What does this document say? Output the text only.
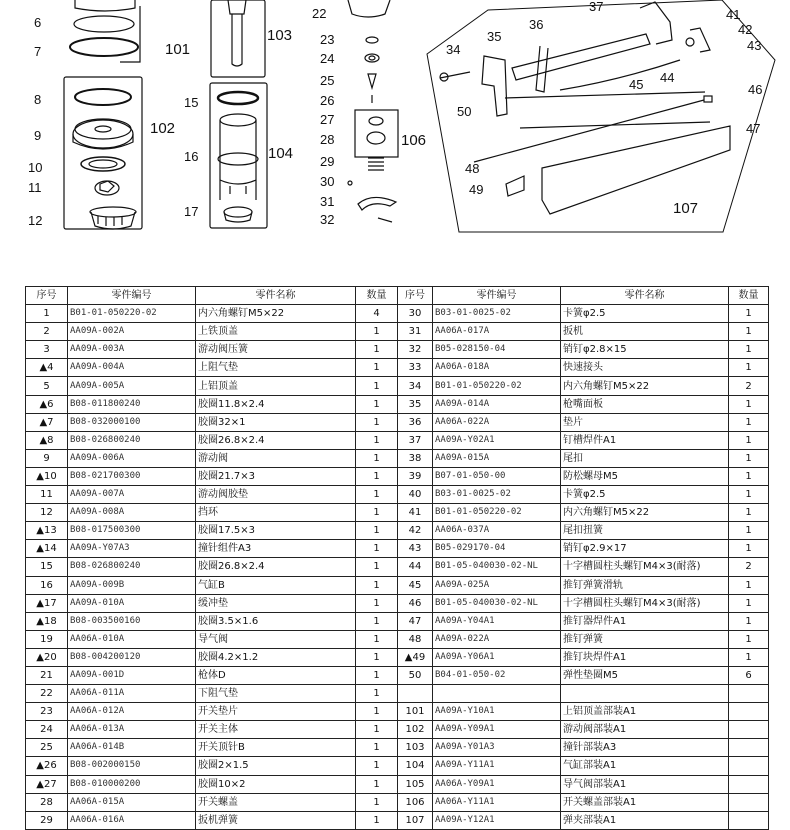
6
7
8
9
10
11
12
101
102
103
15
16
17
104
22
23
24
25
26
27
28
29
30
31
32
106
34
35
36
37
41
42
43
44
45	46
47
48
49
50
107
序号	零件编号	零件名称	数量	序号	零件编号	零件名称	数量
1	B01-01-050220-02	内六角螺钉M5×22	4	30	B03-01-0025-02	卡簧φ2.5	1
2	AA09A-002A	上铁顶盖	1	31	AA06A-017A	扳机	1
3	AA09A-003A	游动阀压簧	1	32	B05-028150-04	销钉φ2.8×15	1
▲4	AA09A-004A	上阻气垫	1	33	AA06A-018A	快速接头	1
5	AA09A-005A	上铝顶盖	1	34	B01-01-050220-02	内六角螺钉M5×22	2
▲6	B08-011800240	胶圈11.8×2.4	1	35	AA09A-014A	枪嘴面板	1
▲7	B08-032000100	胶圈32×1	1	36	AA06A-022A	垫片	1
▲8	B08-026800240	胶圈26.8×2.4	1	37	AA09A-Y02A1	钉槽焊件A1	1
9	AA09A-006A	游动阀	1	38	AA09A-015A	尾扣	1
▲10	B08-021700300	胶圈21.7×3	1	39	B07-01-050-00	防松螺母M5	1
11	AA09A-007A	游动阀胶垫	1	40	B03-01-0025-02	卡簧φ2.5	1
12	AA09A-008A	挡环	1	41	B01-01-050220-02	内六角螺钉M5×22	1
▲13	B08-017500300	胶圈17.5×3	1	42	AA06A-037A	尾扣扭簧	1
▲14	AA09A-Y07A3	撞针组件A3	1	43	B05-029170-04	销钉φ2.9×17	1
15	B08-026800240	胶圈26.8×2.4	1	44	B01-05-040030-02-NL	十字槽圆柱头螺钉M4×3(耐落)	2
16	AA09A-009B	气缸B	1	45	AA09A-025A	推钉弹簧滑轨	1
▲17	AA09A-010A	缓冲垫	1	46	B01-05-040030-02-NL	十字槽圆柱头螺钉M4×3(耐落)	1
▲18	B08-003500160	胶圈3.5×1.6	1	47	AA09A-Y04A1	推钉器焊件A1	1
19	AA06A-010A	导气阀	1	48	AA09A-022A	推钉弹簧	1
▲20	B08-004200120	胶圈4.2×1.2	1	▲49	AA09A-Y06A1	推钉块焊件A1	1
21	AA09A-001D	枪体D	1	50	B04-01-050-02	弹性垫圈M5	6
22	AA06A-011A	下阻气垫	1				
23	AA06A-012A	开关垫片	1	101	AA09A-Y10A1	上铝顶盖部装A1	
24	AA06A-013A	开关主体	1	102	AA09A-Y09A1	游动阀部装A1	
25	AA06A-014B	开关顶针B	1	103	AA09A-Y01A3	撞针部装A3	
▲26	B08-002000150	胶圈2×1.5	1	104	AA09A-Y11A1	气缸部装A1	
▲27	B08-010000200	胶圈10×2	1	105	AA06A-Y09A1	导气阀部装A1	
28	AA06A-015A	开关螺盖	1	106	AA06A-Y11A1	开关螺盖部装A1	
29	AA06A-016A	扳机弹簧	1	107	AA09A-Y12A1	弹夹部装A1	
